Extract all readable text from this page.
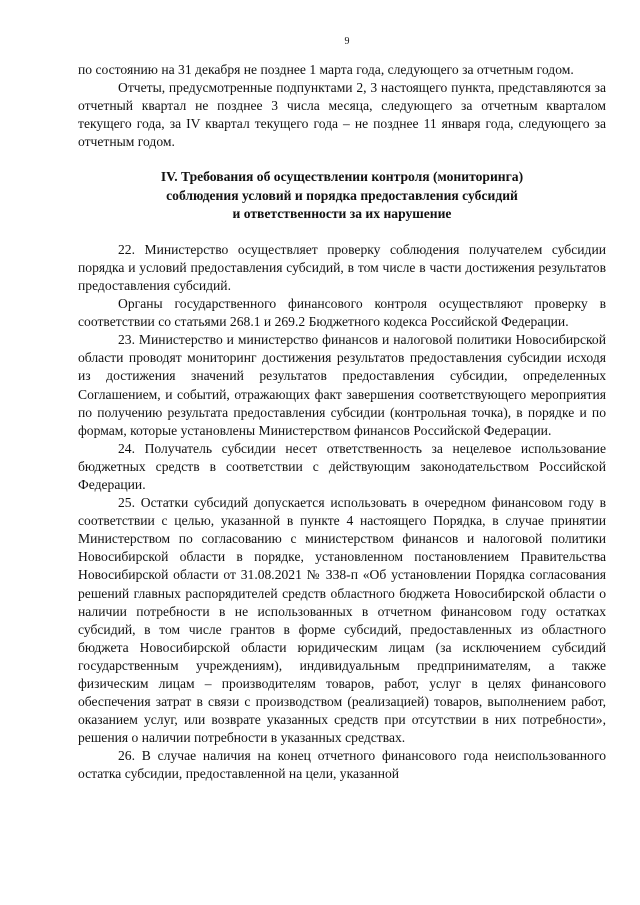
9

по состоянию на 31 декабря не позднее 1 марта года, следующего за отчетным годом.

Отчеты, предусмотренные подпунктами 2, 3 настоящего пункта, представляются за отчетный квартал не позднее 3 числа месяца, следующего за отчетным кварталом текущего года, за IV квартал текущего года – не позднее 11 января года, следующего за отчетным годом.

IV. Требования об осуществлении контроля (мониторинга)
соблюдения условий и порядка предоставления субсидий
и ответственности за их нарушение

22. Министерство осуществляет проверку соблюдения получателем субсидии порядка и условий предоставления субсидий, в том числе в части достижения результатов предоставления субсидий.

Органы государственного финансового контроля осуществляют проверку в соответствии со статьями 268.1 и 269.2 Бюджетного кодекса Российской Федерации.

23. Министерство и министерство финансов и налоговой политики Новосибирской области проводят мониторинг достижения результатов предоставления субсидии исходя из достижения значений результатов предоставления субсидии, определенных Соглашением, и событий, отражающих факт завершения соответствующего мероприятия по получению результата предоставления субсидии (контрольная точка), в порядке и по формам, которые установлены Министерством финансов Российской Федерации.

24. Получатель субсидии несет ответственность за нецелевое использование бюджетных средств в соответствии с действующим законодательством Российской Федерации.

25. Остатки субсидий допускается использовать в очередном финансовом году в соответствии с целью, указанной в пункте 4 настоящего Порядка, в случае принятии Министерством по согласованию с министерством финансов и налоговой политики Новосибирской области в порядке, установленном постановлением Правительства Новосибирской области от 31.08.2021 № 338-п «Об установлении Порядка согласования решений главных распорядителей средств областного бюджета Новосибирской области о наличии потребности в не использованных в отчетном финансовом году остатках субсидий, в том числе грантов в форме субсидий, предоставленных из областного бюджета Новосибирской области юридическим лицам (за исключением субсидий государственным учреждениям), индивидуальным предпринимателям, а также физическим лицам – производителям товаров, работ, услуг в целях финансового обеспечения затрат в связи с производством (реализацией) товаров, выполнением работ, оказанием услуг, или возврате указанных средств при отсутствии в них потребности», решения о наличии потребности в указанных средствах.

26. В случае наличия на конец отчетного финансового года неиспользованного остатка субсидии, предоставленной на цели, указанной
